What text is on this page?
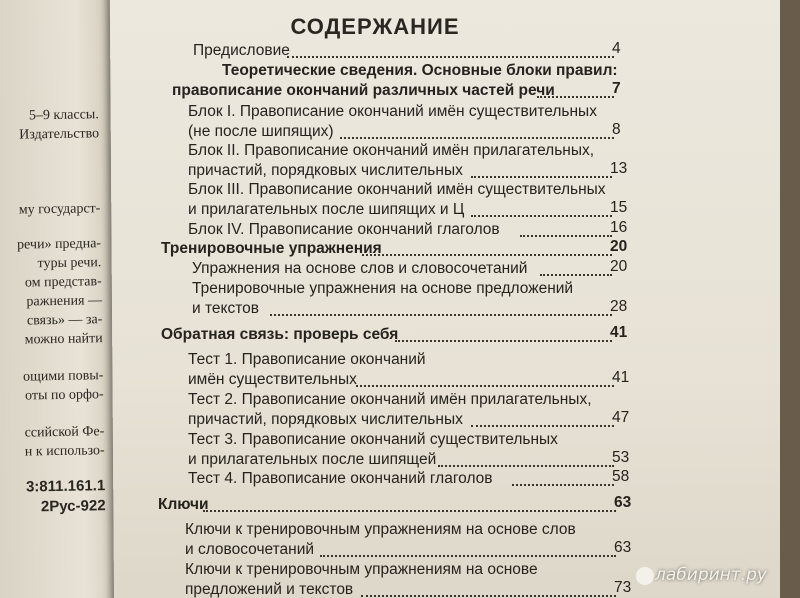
5–9 классы.
Издательство
му государст-
речи» предна-
туры речи.
ом представ-
ражнения —
связь» — за-
можно найти
ощими повы-
оты по орфо-
ссийской Фе-
н к использо-
3:811.161.1
2Рус-922
СОДЕРЖАНИЕ
Предисловие	4
Теоретические сведения. Основные блоки правил:
правописание окончаний различных частей речи	7
Блок I. Правописание окончаний имён существительных
(не после шипящих)	8
Блок II. Правописание окончаний имён прилагательных,
причастий, порядковых числительных	13
Блок III. Правописание окончаний имён существительных
и прилагательных после шипящих и Ц	15
Блок IV. Правописание окончаний глаголов	16
Тренировочные упражнения	20
Упражнения на основе слов и словосочетаний	20
Тренировочные упражнения на основе предложений
и текстов	28
Обратная связь: проверь себя	41
Тест 1. Правописание окончаний
имён существительных	41
Тест 2. Правописание окончаний имён прилагательных,
причастий, порядковых числительных	47
Тест 3. Правописание окончаний существительных
и прилагательных после шипящей	53
Тест 4. Правописание окончаний глаголов	58
Ключи	63
Ключи к тренировочным упражнениям на основе слов
и словосочетаний	63
Ключи к тренировочным упражнениям на основе
предложений и текстов	73
лабиринт.ру
